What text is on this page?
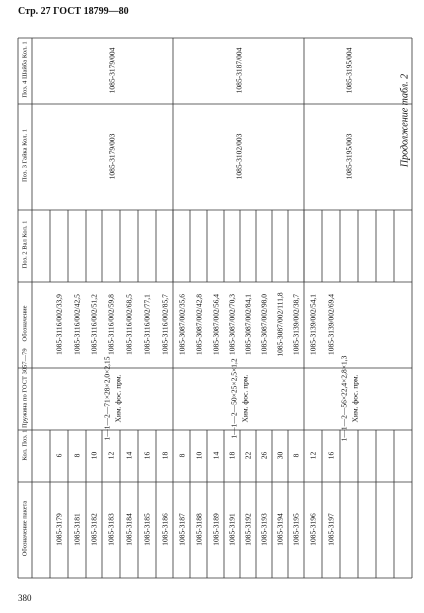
Стр. 27 ГОСТ 18799—80
380
Продолжение табл. 2
Поз. 4 Шайба Кол. 1
Поз. 3 Гайка Кол. 1
Поз. 2 Вал Кол. 1
Обозначение
Поз. 1 Пружина по ГОСТ 3057—79
Кол.
Обозначение пакета	1085-3179
6
1085-3116/002/33,9
1085-3181
8
1085-3116/002/42,5
1085-3182
10
1085-3116/002/51,2
1085-3183
12
1085-3116/002/59,8
1085-3184
14
1085-3116/002/68,5
1085-3185
16
1085-3116/002/77,1
1085-3186
18
1085-3116/002/85,7
1085-3187
8
1085-3087/002/35,6
1085-3188
10
1085-3087/002/42,8
1085-3189
14
1085-3087/002/56,4
1085-3191
18
1085-3087/002/70,3
1085-3192
22
1085-3087/002/84,1
1085-3193
26
1085-3087/002/98,0
1085-3194
30
1085-3087/002/111,8
1085-3195
8
1085-3139/002/38,7
1085-3196
12
1085-3139/002/54,1
1085-3197
16
1085-3139/002/69,4
1—1—2—71×28×2,0×2,15 Хим. фос. прм.
1085-3179/003
1085-3179/004
1—1—2—50×25×2,5×1,2 Хим. фос. прм.
1085-3102/003
1085-3187/004
1—1—2—56×22,4×2,8×1,3 Хим. фос. прм.
1085-3195/003
1085-3195/004
